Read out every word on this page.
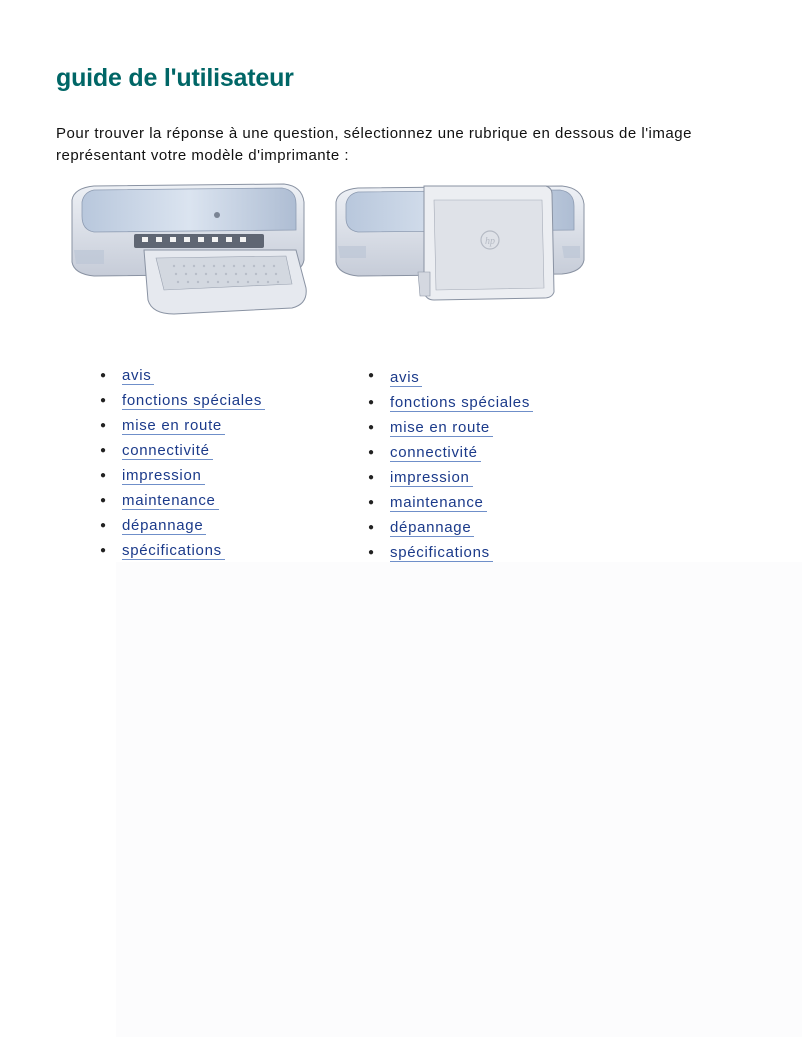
guide de l'utilisateur

Pour trouver la réponse à une question, sélectionnez une rubrique en dessous de l'image représentant votre modèle d'imprimante :

hp
● avis
● fonctions spéciales
● mise en route
● connectivité
● impression
● maintenance
● dépannage
● spécifications
● avis
● fonctions spéciales
● mise en route
● connectivité
● impression
● maintenance
● dépannage
● spécifications
